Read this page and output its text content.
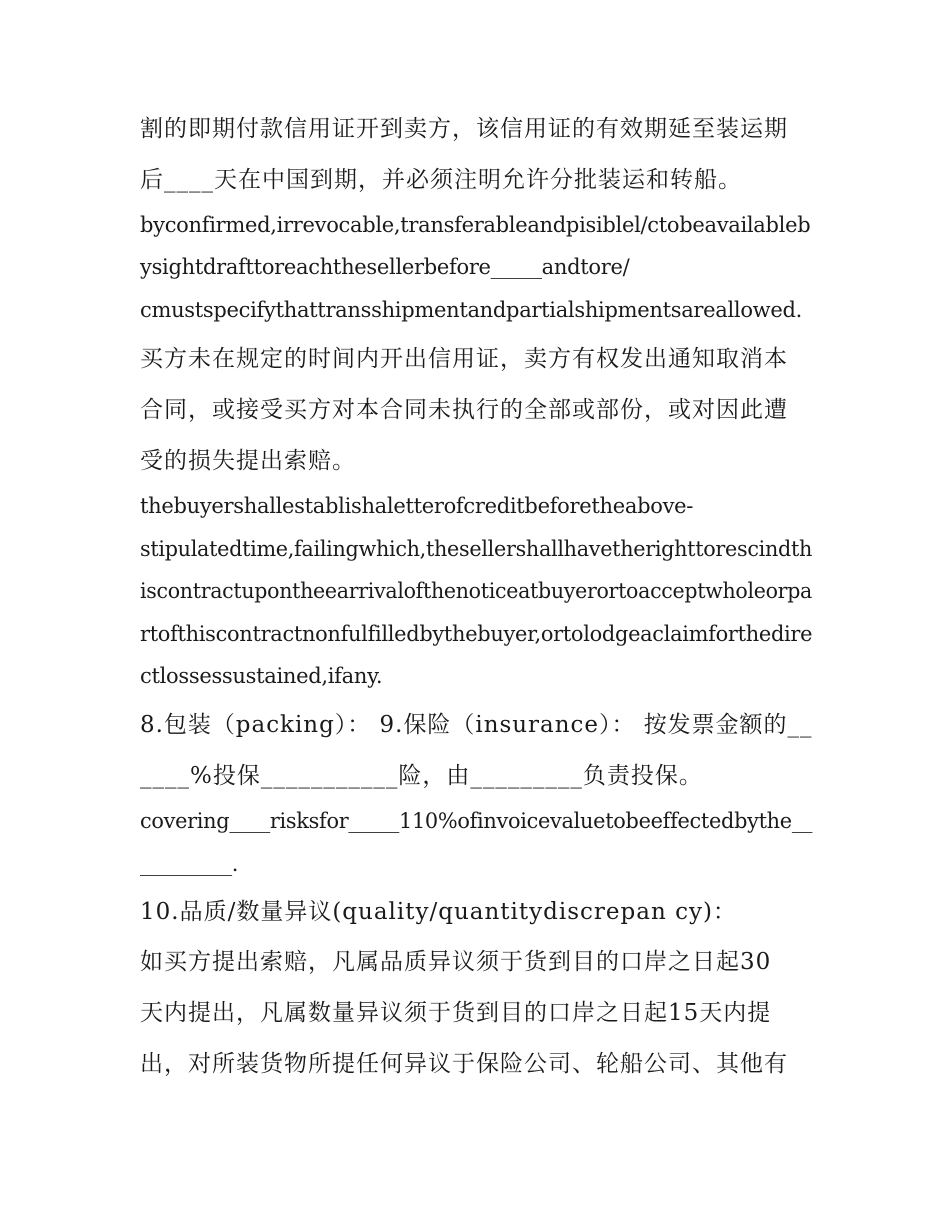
割的即期付款信用证开到卖方，该信用证的有效期延至装运期
后____天在中国到期，并必须注明允许分批装运和转船。
byconfirmed,irrevocable,transferableandpisiblel/ctobeavailableb
ysightdrafttoreachthesellerbefore_____andtore/
cmustspecifythattransshipmentandpartialshipmentsareallowed.
买方未在规定的时间内开出信用证，卖方有权发出通知取消本
合同，或接受买方对本合同未执行的全部或部份，或对因此遭
受的损失提出索赔。
thebuyershallestablishaletterofcreditbeforetheabove-
stipulatedtime,failingwhich,thesellershallhavetherighttorescindth
iscontractupontheearrivalofthenoticeatbuyerortoacceptwholeorpa
rtofthiscontractnonfulfilledbythebuyer,ortolodgeaclaimforthedire
ctlossessustained,ifany.
8.包装（packing）： 9.保险（insurance）： 按发票金额的__
____%投保___________险，由_________负责投保。
covering____risksfor_____110%ofinvoicevaluetobeeffectedbythe__
_________.
10.品质/数量异议(quality/quantitydiscrepan cy)：
如买方提出索赔，凡属品质异议须于货到目的口岸之日起30
天内提出，凡属数量异议须于货到目的口岸之日起15天内提
出，对所装货物所提任何异议于保险公司、轮船公司、其他有
